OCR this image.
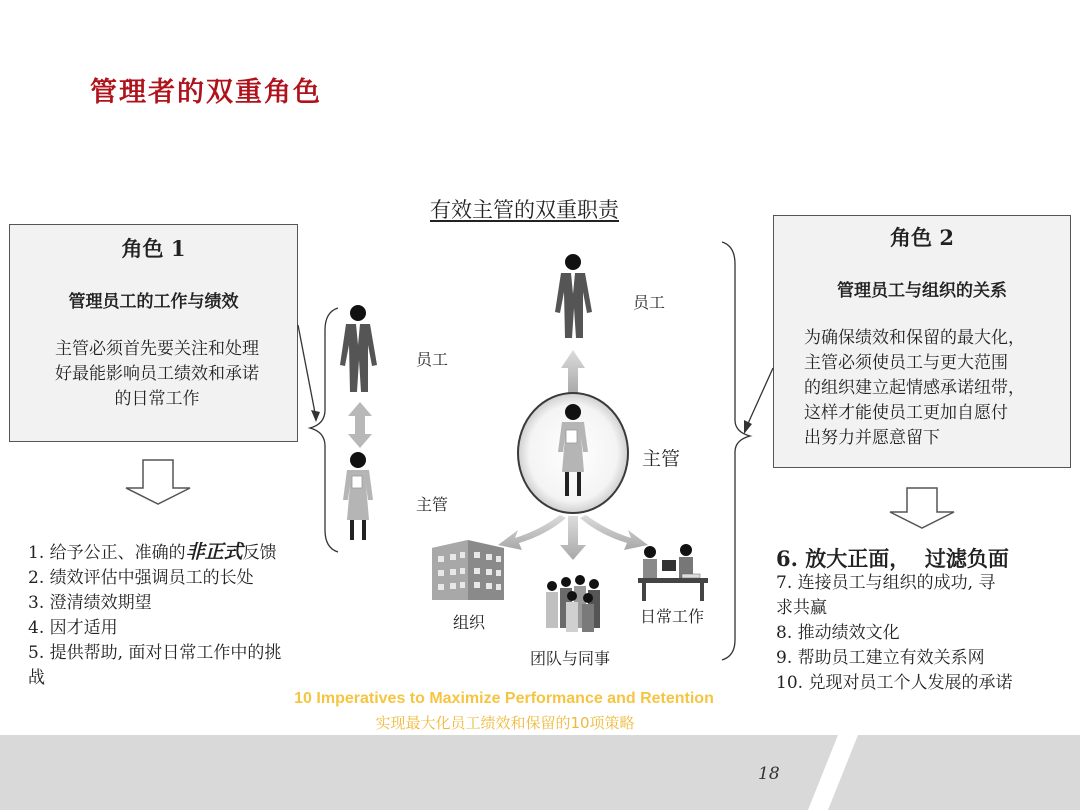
管理者的双重角色
有效主管的双重职责
角色 1
管理员工的工作与绩效
主管必须首先要关注和处理
好最能影响员工绩效和承诺
的日常工作
角色 2
管理员工与组织的关系
为确保绩效和保留的最大化，
主管必须使员工与更大范围
的组织建立起情感承诺纽带，
这样才能使员工更加自愿付
出努力并愿意留下
员工
主管
员工
主管
组织
团队与同事
日常工作
1. 给予公正、准确的非正式反馈
2. 绩效评估中强调员工的长处
3. 澄清绩效期望
4. 因才适用
5. 提供帮助, 面对日常工作中的挑
战
6. 放大正面，  过滤负面
7. 连接员工与组织的成功, 寻
求共赢
8. 推动绩效文化
9. 帮助员工建立有效关系网
10. 兑现对员工个人发展的承诺
10 Imperatives to Maximize Performance and Retention
实现最大化员工绩效和保留的10项策略
18
